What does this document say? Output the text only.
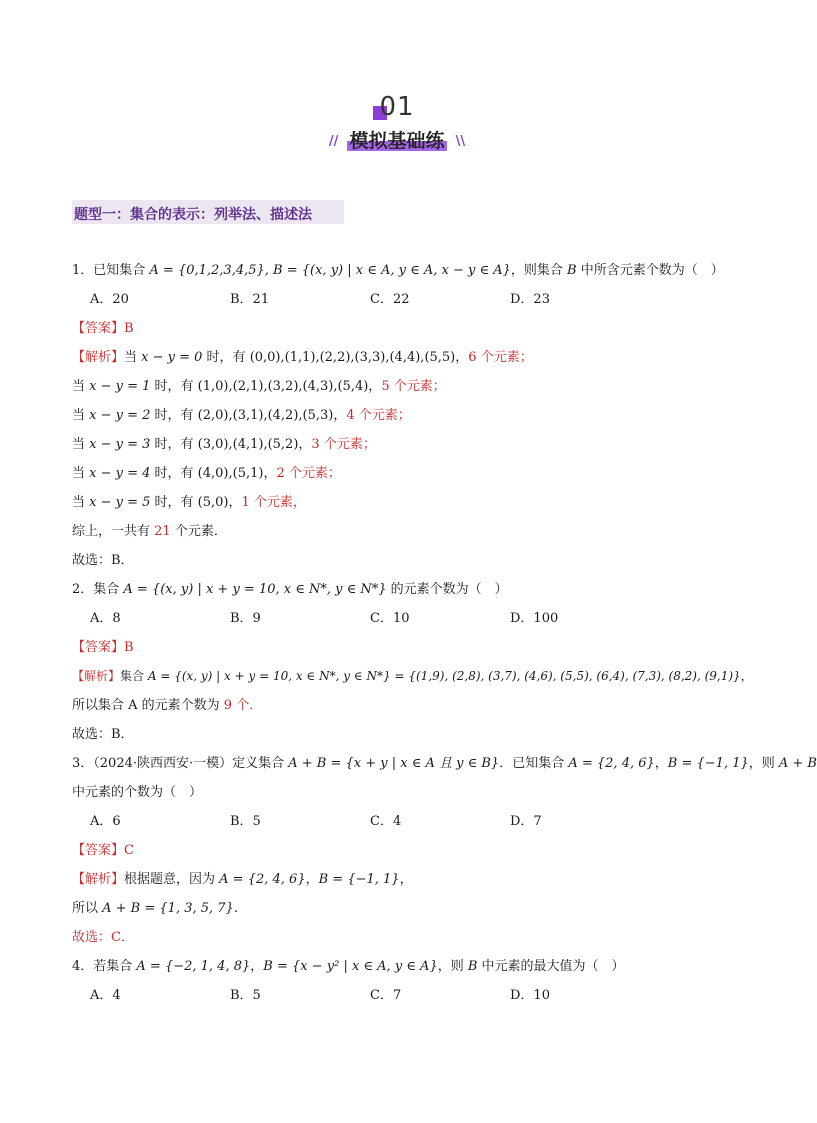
01
// 模拟基础练 \\
题型一：集合的表示：列举法、描述法
1．已知集合 A = {0,1,2,3,4,5}, B = {(x, y) | x ∈ A, y ∈ A, x − y ∈ A}，则集合 B 中所含元素个数为（　）
A．20	B．21	C．22	D．23
【答案】B
【解析】当 x − y = 0 时，有 (0,0),(1,1),(2,2),(3,3),(4,4),(5,5)，6 个元素；
当 x − y = 1 时，有 (1,0),(2,1),(3,2),(4,3),(5,4)，5 个元素；
当 x − y = 2 时，有 (2,0),(3,1),(4,2),(5,3)，4 个元素；
当 x − y = 3 时，有 (3,0),(4,1),(5,2)，3 个元素；
当 x − y = 4 时，有 (4,0),(5,1)，2 个元素；
当 x − y = 5 时，有 (5,0)，1 个元素，
综上，一共有 21 个元素．
故选：B．
2．集合 A = {(x, y) | x + y = 10, x ∈ N*, y ∈ N*} 的元素个数为（　）
A．8	B．9	C．10	D．100
【答案】B
【解析】集合 A = {(x, y) | x + y = 10, x ∈ N*, y ∈ N*} = {(1,9), (2,8), (3,7), (4,6), (5,5), (6,4), (7,3), (8,2), (9,1)}，
所以集合 A 的元素个数为 9 个．
故选：B．
3．（2024·陕西西安·一模）定义集合 A + B = {x + y | x ∈ A 且 y ∈ B}．已知集合 A = {2, 4, 6}，B = {−1, 1}，则 A + B
中元素的个数为（　）
A．6	B．5	C．4	D．7
【答案】C
【解析】根据题意，因为 A = {2, 4, 6}，B = {−1, 1}，
所以 A + B = {1, 3, 5, 7}.
故选：C．
4．若集合 A = {−2, 1, 4, 8}，B = {x − y² | x ∈ A, y ∈ A}，则 B 中元素的最大值为（　）
A．4	B．5	C．7	D．10
